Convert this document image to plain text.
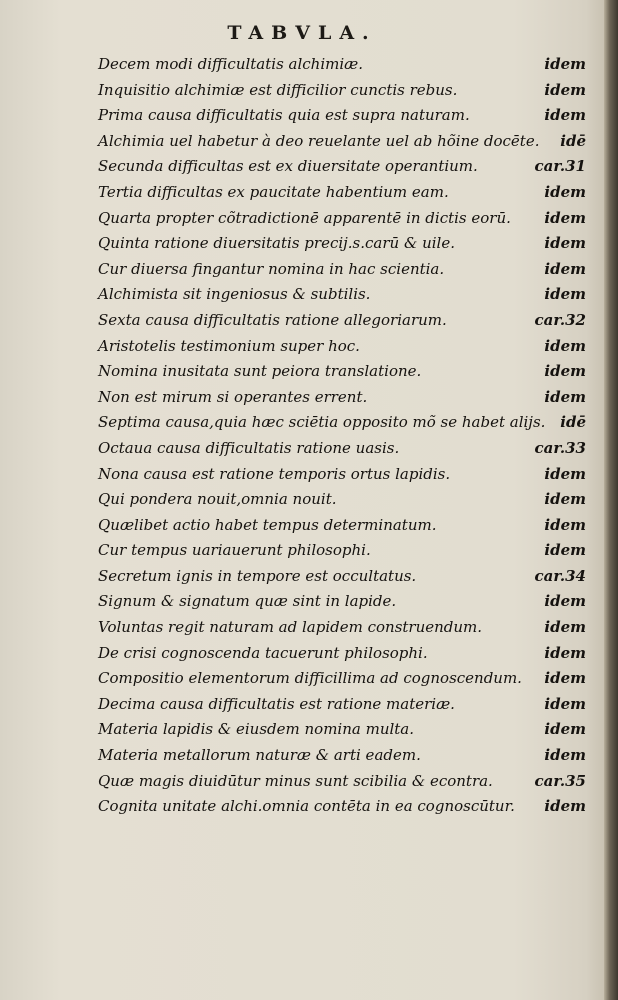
TABVLA.
Decem modi difficultatis alchimiæ.	idem
Inquisitio alchimiæ est difficilior cunctis rebus.	idem
Prima causa difficultatis quia est supra naturam.	idem
Alchimia uel habetur à deo reuelante uel ab hõine docēte. idē
Secunda difficultas est ex diuersitate operantium.	car.31
Tertia difficultas ex paucitate habentium eam.	idem
Quarta propter cõtradictionē apparentē in dictis eorū. idem
Quinta ratione diuersitatis precij.s.carū & uile.	idem
Cur diuersa fingantur nomina in hac scientia.	idem
Alchimista sit ingeniosus & subtilis.	idem
Sexta causa difficultatis ratione allegoriarum.	car.32
Aristotelis testimonium super hoc.	idem
Nomina inusitata sunt peiora translatione.	idem
Non est mirum si operantes errent.	idem
Septima causa,quia hæc sciētia opposito mõ se habet alijs. idē
Octaua causa difficultatis ratione uasis.	car.33
Nona causa est ratione temporis ortus lapidis.	idem
Qui pondera nouit,omnia nouit.	idem
Quælibet actio habet tempus determinatum.	idem
Cur tempus uariauerunt philosophi.	idem
Secretum ignis in tempore est occultatus.	car.34
Signum & signatum quæ sint in lapide.	idem
Voluntas regit naturam ad lapidem construendum.	idem
De crisi cognoscenda tacuerunt philosophi.	idem
Compositio elementorum difficillima ad cognoscendum. idem
Decima causa difficultatis est ratione materiæ.	idem
Materia lapidis & eiusdem nomina multa.	idem
Materia metallorum naturæ & arti eadem.	idem
Quæ magis diuidūtur minus sunt scibilia & econtra.	car.35
Cognita unitate alchi.omnia contēta in ea cognoscūtur. idem
